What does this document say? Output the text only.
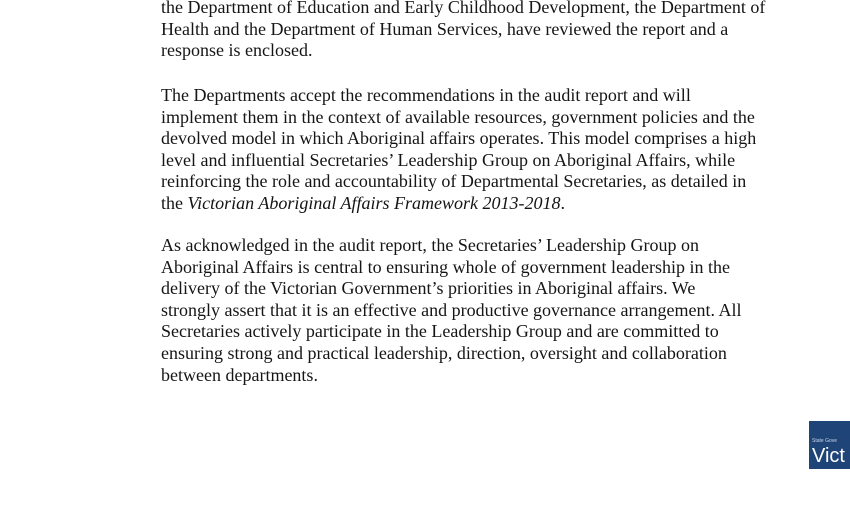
the Department of Education and Early Childhood Development, the Department of
Health and the Department of Human Services, have reviewed the report and a
response is enclosed.

The Departments accept the recommendations in the audit report and will
implement them in the context of available resources, government policies and the
devolved model in which Aboriginal affairs operates. This model comprises a high
level and influential Secretaries’ Leadership Group on Aboriginal Affairs, while
reinforcing the role and accountability of Departmental Secretaries, as detailed in
the Victorian Aboriginal Affairs Framework 2013-2018.

As acknowledged in the audit report, the Secretaries’ Leadership Group on
Aboriginal Affairs is central to ensuring whole of government leadership in the
delivery of the Victorian Government’s priorities in Aboriginal affairs. We
strongly assert that it is an effective and productive governance arrangement. All
Secretaries actively participate in the Leadership Group and are committed to
ensuring strong and practical leadership, direction, oversight and collaboration
between departments.

State Gove
Vict
